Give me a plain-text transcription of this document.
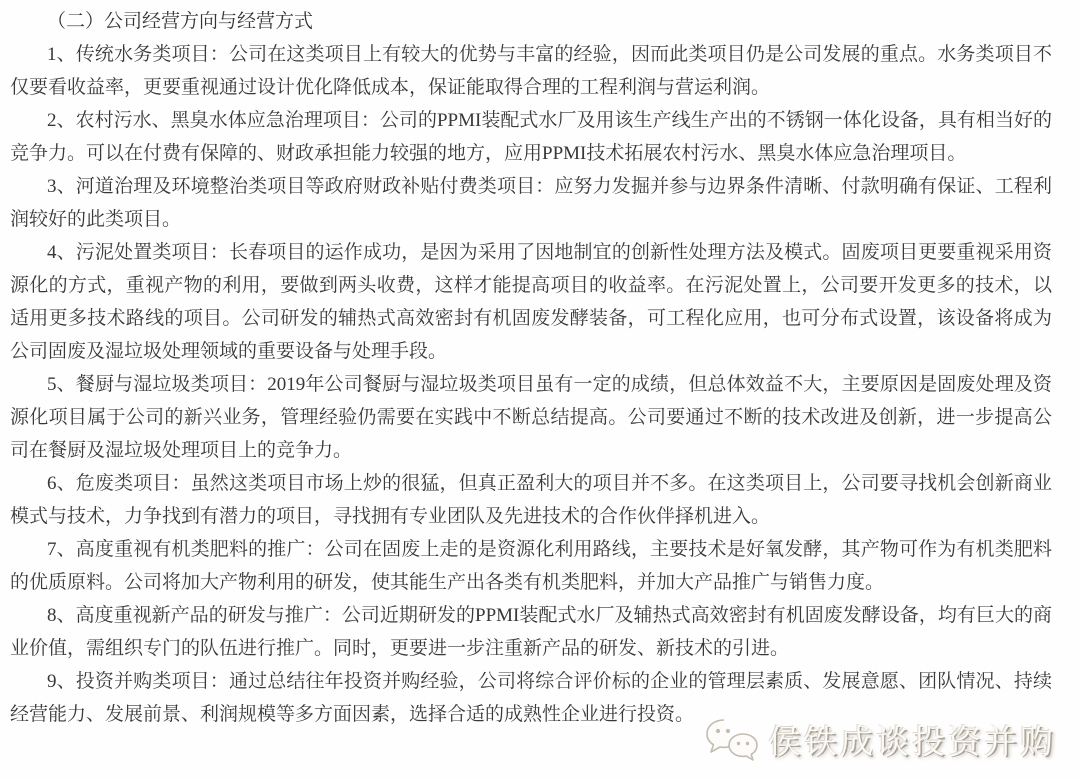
（二）公司经营方向与经营方式

1、传统水务类项目：公司在这类项目上有较大的优势与丰富的经验，因而此类项目仍是公司发展的重点。水务类项目不仅要看收益率，更要重视通过设计优化降低成本，保证能取得合理的工程利润与营运利润。

2、农村污水、黑臭水体应急治理项目：公司的PPMI装配式水厂及用该生产线生产出的不锈钢一体化设备，具有相当好的竞争力。可以在付费有保障的、财政承担能力较强的地方，应用PPMI技术拓展农村污水、黑臭水体应急治理项目。

3、河道治理及环境整治类项目等政府财政补贴付费类项目：应努力发掘并参与边界条件清晰、付款明确有保证、工程利润较好的此类项目。

4、污泥处置类项目：长春项目的运作成功，是因为采用了因地制宜的创新性处理方法及模式。固废项目更要重视采用资源化的方式，重视产物的利用，要做到两头收费，这样才能提高项目的收益率。在污泥处置上，公司要开发更多的技术，以适用更多技术路线的项目。公司研发的辅热式高效密封有机固废发酵装备，可工程化应用，也可分布式设置，该设备将成为公司固废及湿垃圾处理领域的重要设备与处理手段。

5、餐厨与湿垃圾类项目：2019年公司餐厨与湿垃圾类项目虽有一定的成绩，但总体效益不大，主要原因是固废处理及资源化项目属于公司的新兴业务，管理经验仍需要在实践中不断总结提高。公司要通过不断的技术改进及创新，进一步提高公司在餐厨及湿垃圾处理项目上的竞争力。

6、危废类项目：虽然这类项目市场上炒的很猛，但真正盈利大的项目并不多。在这类项目上，公司要寻找机会创新商业模式与技术，力争找到有潜力的项目，寻找拥有专业团队及先进技术的合作伙伴择机进入。

7、高度重视有机类肥料的推广：公司在固废上走的是资源化利用路线，主要技术是好氧发酵，其产物可作为有机类肥料的优质原料。公司将加大产物利用的研发，使其能生产出各类有机类肥料，并加大产品推广与销售力度。

8、高度重视新产品的研发与推广：公司近期研发的PPMI装配式水厂及辅热式高效密封有机固废发酵设备，均有巨大的商业价值，需组织专门的队伍进行推广。同时，更要进一步注重新产品的研发、新技术的引进。

9、投资并购类项目：通过总结往年投资并购经验，公司将综合评价标的企业的管理层素质、发展意愿、团队情况、持续经营能力、发展前景、利润规模等多方面因素，选择合适的成熟性企业进行投资。

侯铁成谈投资并购
